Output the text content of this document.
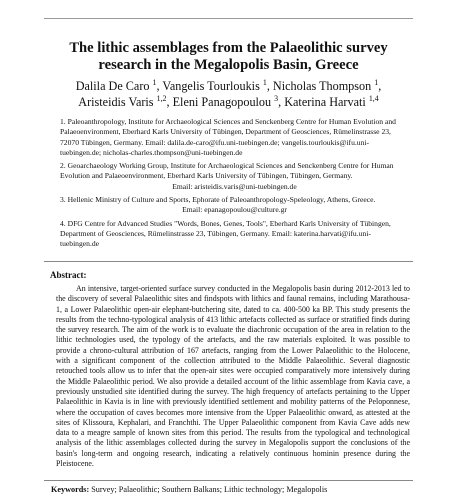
The lithic assemblages from the Palaeolithic survey
research in the Megalopolis Basin, Greece
Dalila De Caro $^1$, Vangelis Tourloukis $^1$, Nicholas Thompson $^1$,
Aristeidis Varis $^{1,2}$, Eleni Panagopoulou $^3$, Katerina Harvati $^{1,4}$

1. Paleoanthropology, Institute for Archaeological Sciences and Senckenberg Centre for Human Evolution and Palaeoenvironment, Eberhard Karls University of Tübingen, Department of Geosciences, Rümelinstrasse 23, 72070 Tübingen, Germany. Email: dalila.de-caro@ifu.uni-tuebingen.de; vangelis.tourloukis@ifu.uni-tuebingen.de; nicholas-charles.thompson@uni-tuebingen.de

2. Geoarchaeology Working Group, Institute for Archaeological Sciences and Senckenberg Centre for Human Evolution and Palaeoenvironment, Eberhard Karls University of Tübingen, Tübingen, Germany.

Email: aristeidis.varis@uni-tuebingen.de

3. Hellenic Ministry of Culture and Sports, Ephorate of Paleoanthropology-Speleology, Athens, Greece.

Email: epanagopoulou@culture.gr

4. DFG Centre for Advanced Studies "Words, Bones, Genes, Tools", Eberhard Karls University of Tübingen, Department of Geosciences, Rümelinstrasse 23, Tübingen, Germany. Email: katerina.harvati@ifu.uni-tuebingen.de

Abstract:

An intensive, target-oriented surface survey conducted in the Megalopolis basin during 2012-2013 led to the discovery of several Palaeolithic sites and findspots with lithics and faunal remains, including Marathousa-1, a Lower Palaeolithic open-air elephant-butchering site, dated to ca. 400-500 ka BP. This study presents the results from the techno-typological analysis of 413 lithic artefacts collected as surface or stratified finds during the survey research. The aim of the work is to evaluate the diachronic occupation of the area in relation to the lithic technologies used, the typology of the artefacts, and the raw materials exploited. It was possible to provide a chrono-cultural attribution of 167 artefacts, ranging from the Lower Palaeolithic to the Holocene, with a significant component of the collection attributed to the Middle Palaeolithic. Several diagnostic retouched tools allow us to infer that the open-air sites were occupied comparatively more intensively during the Middle Palaeolithic period. We also provide a detailed account of the lithic assemblage from Kavia cave, a previously unstudied site identified during the survey. The high frequency of artefacts pertaining to the Upper Palaeolithic in Kavia is in line with previously identified settlement and mobility patterns of the Peloponnese, where the occupation of caves becomes more intensive from the Upper Palaeolithic onward, as attested at the sites of Klissoura, Kephalari, and Franchthi. The Upper Palaeolithic component from Kavia Cave adds new data to a meagre sample of known sites from this period. The results from the typological and technological analysis of the lithic assemblages collected during the survey in Megalopolis support the conclusions of the basin's long-term and ongoing research, indicating a relatively continuous hominin presence during the Pleistocene.

Keywords: Survey; Palaeolithic; Southern Balkans; Lithic technology; Megalopolis
